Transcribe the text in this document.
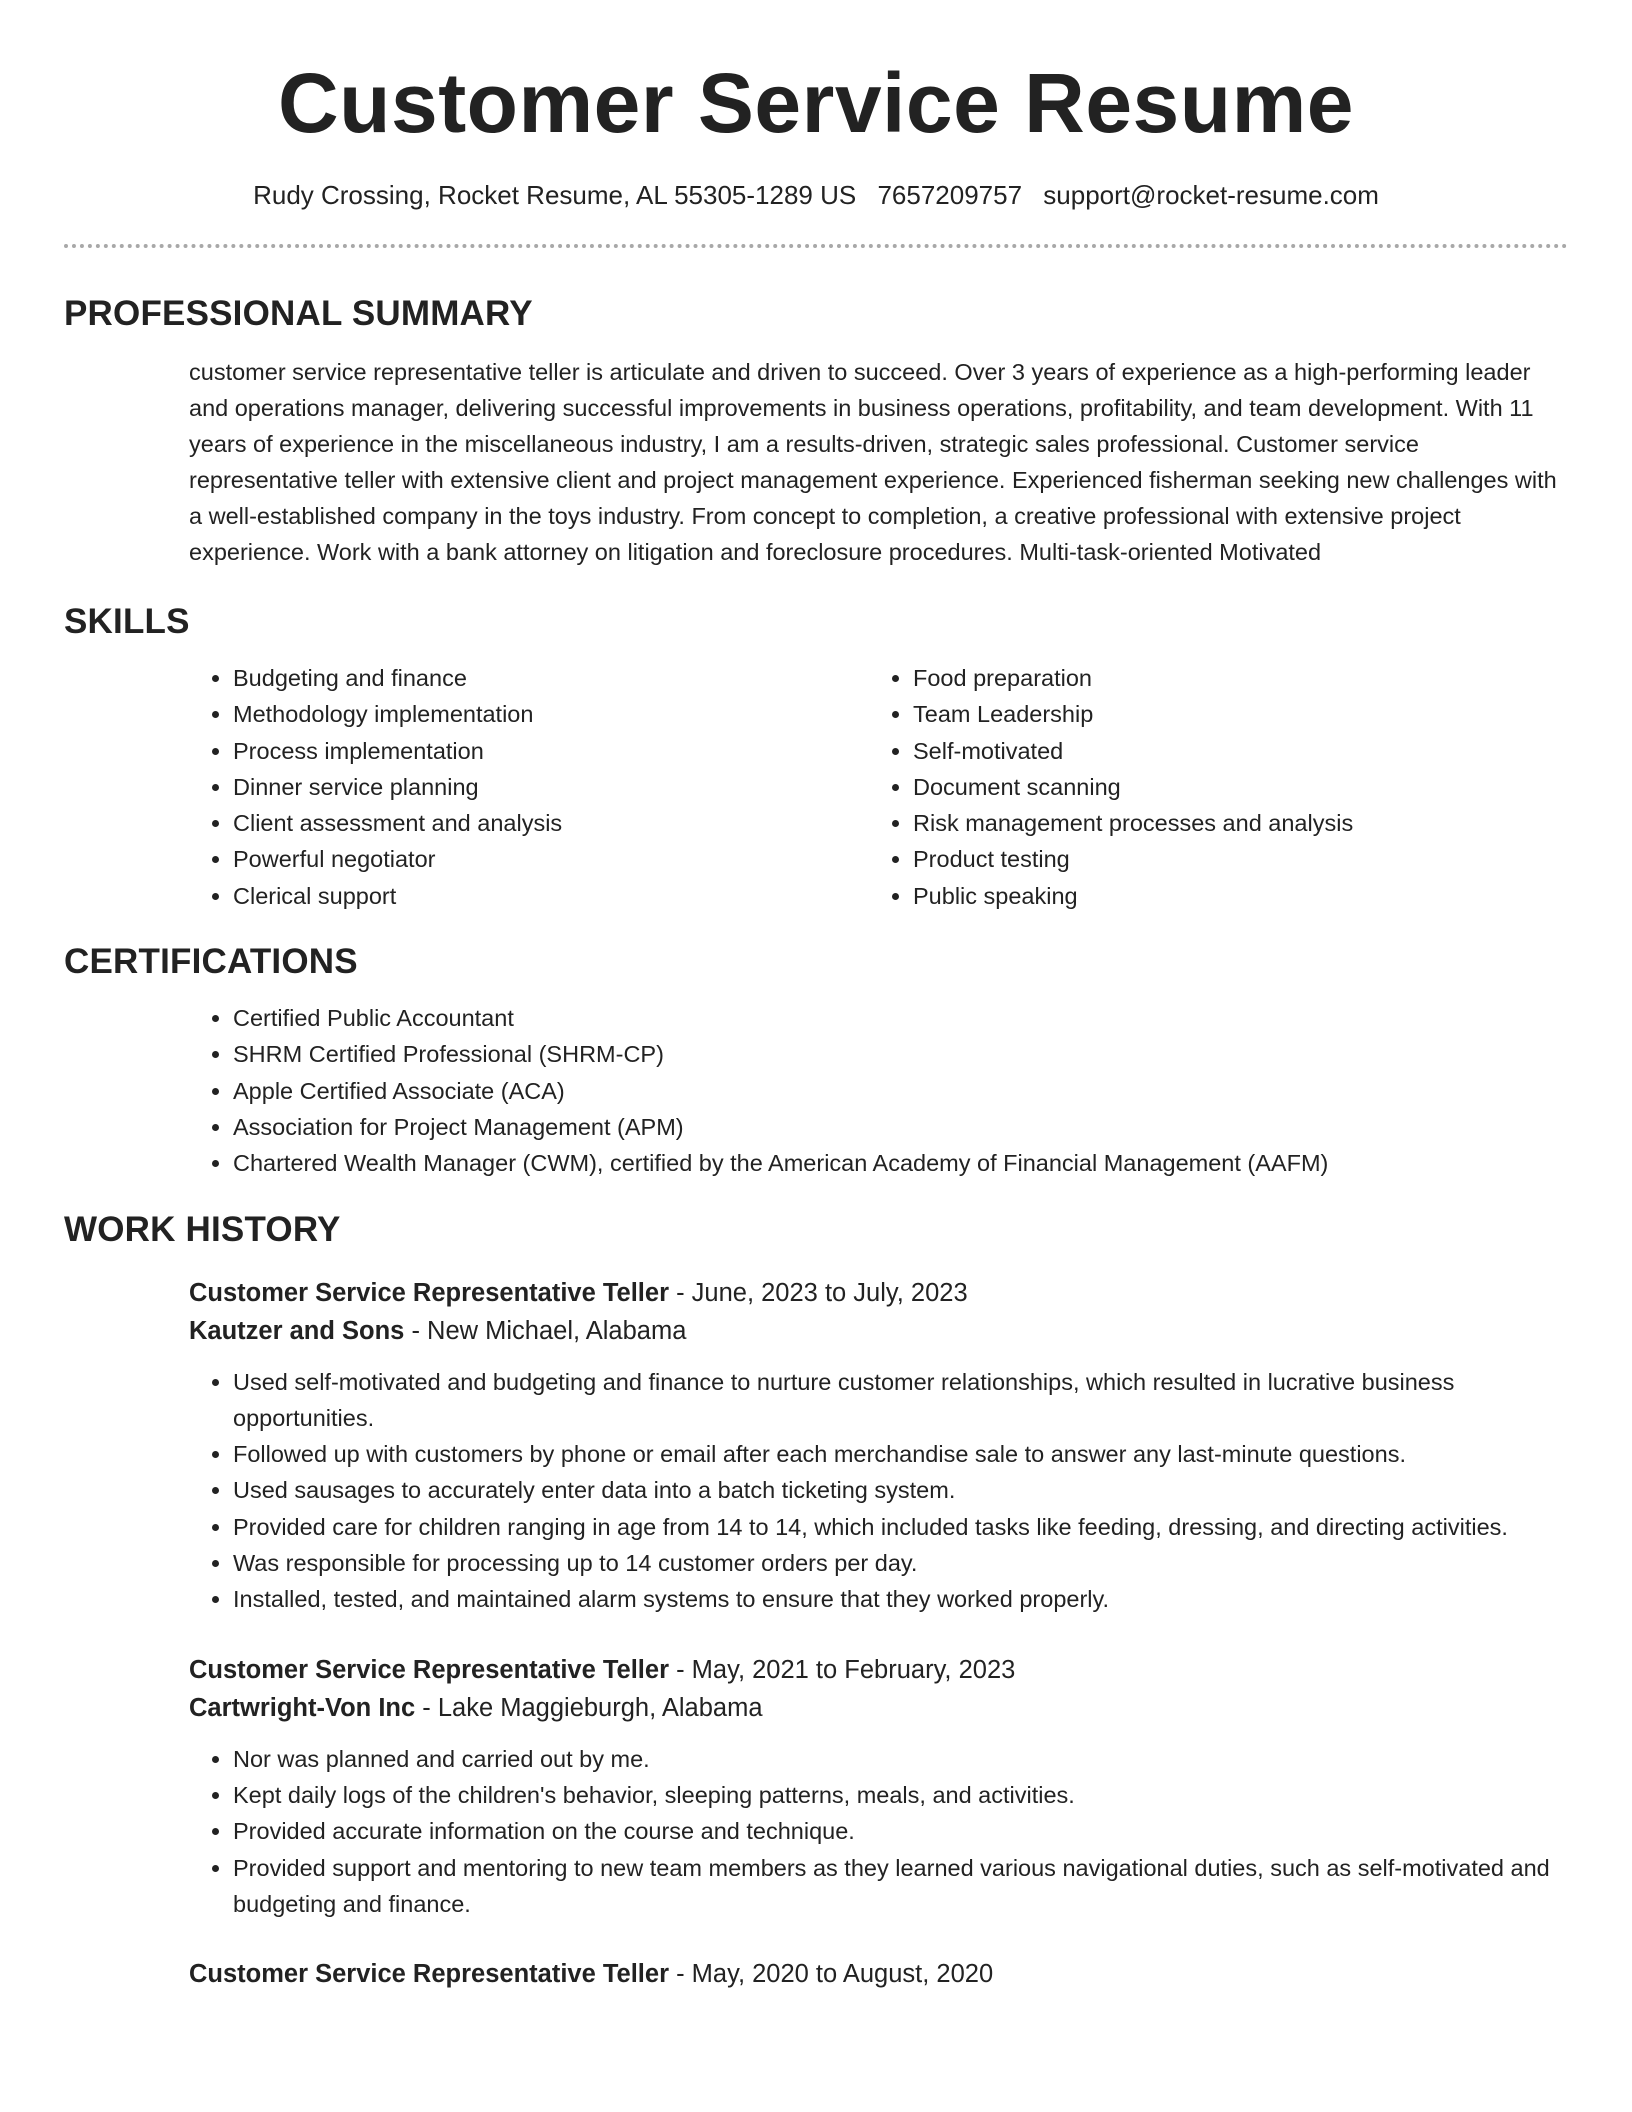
Customer Service Resume
Rudy Crossing, Rocket Resume, AL 55305-1289 US 7657209757 support@rocket-resume.com
PROFESSIONAL SUMMARY
customer service representative teller is articulate and driven to succeed. Over 3 years of experience as a high-performing leader and operations manager, delivering successful improvements in business operations, profitability, and team development. With 11 years of experience in the miscellaneous industry, I am a results-driven, strategic sales professional. Customer service representative teller with extensive client and project management experience. Experienced fisherman seeking new challenges with a well-established company in the toys industry. From concept to completion, a creative professional with extensive project experience. Work with a bank attorney on litigation and foreclosure procedures. Multi-task-oriented Motivated
SKILLS
• Budgeting and finance
• Methodology implementation
• Process implementation
• Dinner service planning
• Client assessment and analysis
• Powerful negotiator
• Clerical support
• Food preparation
• Team Leadership
• Self-motivated
• Document scanning
• Risk management processes and analysis
• Product testing
• Public speaking
CERTIFICATIONS
• Certified Public Accountant
• SHRM Certified Professional (SHRM-CP)
• Apple Certified Associate (ACA)
• Association for Project Management (APM)
• Chartered Wealth Manager (CWM), certified by the American Academy of Financial Management (AAFM)
WORK HISTORY
Customer Service Representative Teller - June, 2023 to July, 2023
Kautzer and Sons - New Michael, Alabama
• Used self-motivated and budgeting and finance to nurture customer relationships, which resulted in lucrative business opportunities.
• Followed up with customers by phone or email after each merchandise sale to answer any last-minute questions.
• Used sausages to accurately enter data into a batch ticketing system.
• Provided care for children ranging in age from 14 to 14, which included tasks like feeding, dressing, and directing activities.
• Was responsible for processing up to 14 customer orders per day.
• Installed, tested, and maintained alarm systems to ensure that they worked properly.
Customer Service Representative Teller - May, 2021 to February, 2023
Cartwright-Von Inc - Lake Maggieburgh, Alabama
• Nor was planned and carried out by me.
• Kept daily logs of the children's behavior, sleeping patterns, meals, and activities.
• Provided accurate information on the course and technique.
• Provided support and mentoring to new team members as they learned various navigational duties, such as self-motivated and budgeting and finance.
Customer Service Representative Teller - May, 2020 to August, 2020
